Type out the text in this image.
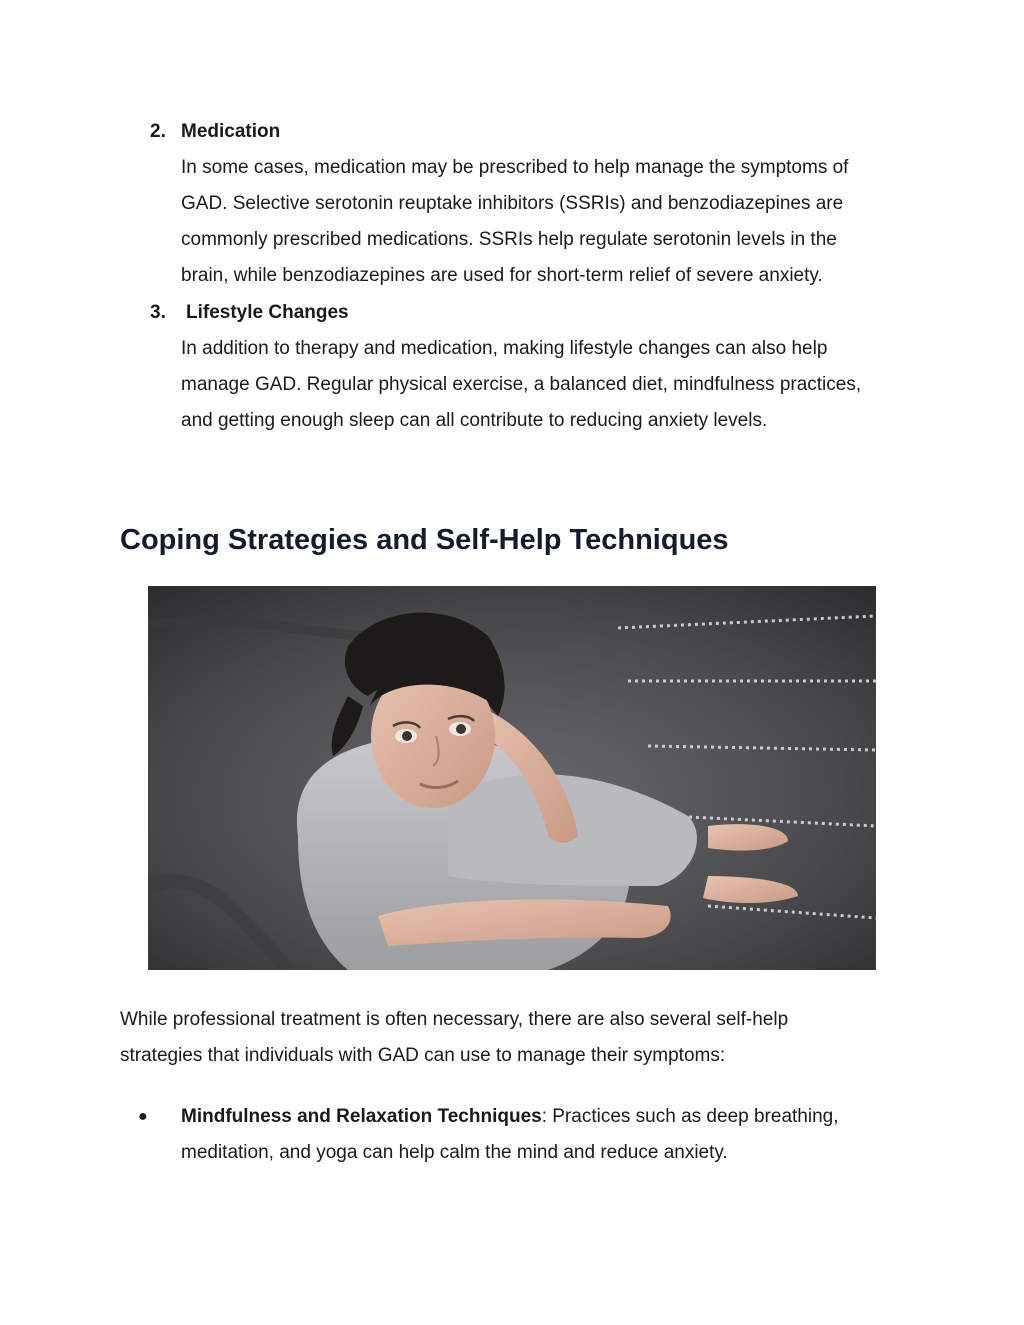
2. Medication
In some cases, medication may be prescribed to help manage the symptoms of
GAD. Selective serotonin reuptake inhibitors (SSRIs) and benzodiazepines are
commonly prescribed medications. SSRIs help regulate serotonin levels in the
brain, while benzodiazepines are used for short-term relief of severe anxiety.
3.	Lifestyle Changes
In addition to therapy and medication, making lifestyle changes can also help
manage GAD. Regular physical exercise, a balanced diet, mindfulness practices,
and getting enough sleep can all contribute to reducing anxiety levels.
Coping Strategies and Self-Help Techniques
While professional treatment is often necessary, there are also several self-help
strategies that individuals with GAD can use to manage their symptoms:
● Mindfulness and Relaxation Techniques: Practices such as deep breathing,
meditation, and yoga can help calm the mind and reduce anxiety.
